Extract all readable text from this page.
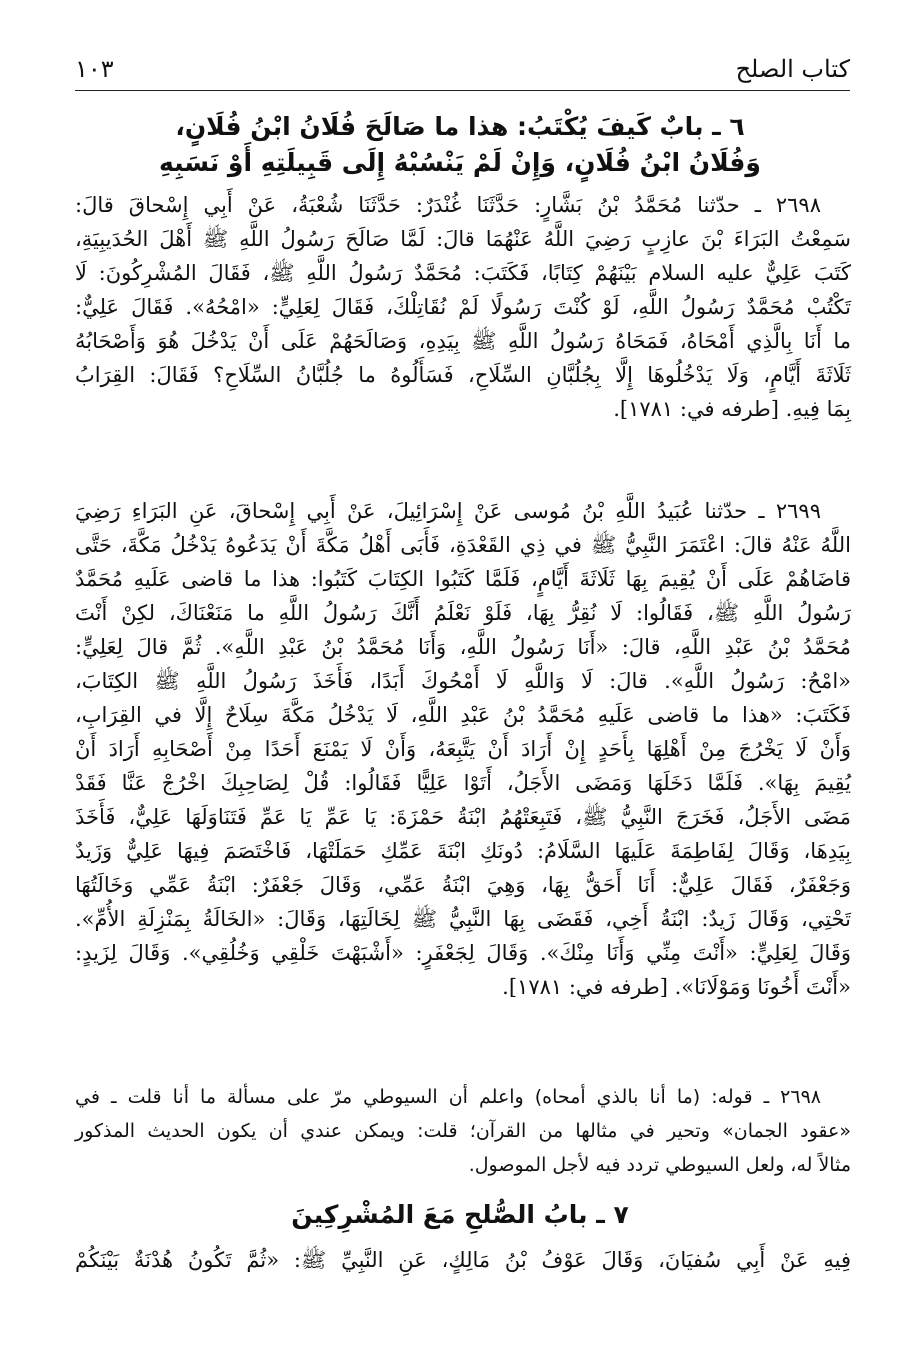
كتاب الصلح
١٠٣
٦ ـ بابٌ كَيفَ يُكْتَبُ: هذا ما صَالَحَ فُلَانُ ابْنُ فُلَانٍ،
وَفُلَانُ ابْنُ فُلَانٍ، وَإِنْ لَمْ يَنْسُبْهُ إِلَى قَبِيلَتِهِ أَوْ نَسَبِهِ
٢٦٩٨ ـ حدّثنا مُحَمَّدُ بْنُ بَشَّارٍ: حَدَّثَنَا غُنْدَرٌ: حَدَّثَنَا شُعْبَةُ، عَنْ أَبِي إِسْحاقَ قالَ:
سَمِعْتُ البَرَاءَ بْنَ عازِبٍ رَضِيَ اللَّهُ عَنْهُمَا قالَ: لَمَّا صَالَحَ رَسُولُ اللَّهِ ﷺ أَهْلَ الحُدَيبِيَةِ،
كَتَبَ عَلِيٌّ عليه السلام بَيْنَهُمْ كِتَابًا، فَكَتَبَ: مُحَمَّدٌ رَسُولُ اللَّهِ ﷺ، فَقَالَ المُشْرِكُونَ: لَا
تَكْتُبْ مُحَمَّدٌ رَسُولُ اللَّهِ، لَوْ كُنْتَ رَسُولًا لَمْ نُقَاتِلْكَ، فَقَالَ لِعَلِيٍّ: «امْحُهُ». فَقَالَ عَلِيٌّ:
ما أَنَا بِالَّذِي أَمْحَاهُ، فَمَحَاهُ رَسُولُ اللَّهِ ﷺ بِيَدِهِ، وَصَالَحَهُمْ عَلَى أَنْ يَدْخُلَ هُوَ وَأَصْحَابُهُ
ثَلَاثَةَ أَيَّامٍ، وَلَا يَدْخُلُوهَا إِلَّا بِجُلُبَّانِ السِّلَاحِ، فَسَأَلُوهُ ما جُلُبَّانُ السِّلَاحِ؟ فَقَالَ: القِرَابُ
بِمَا فِيهِ. [طرفه في: ١٧٨١].
٢٦٩٩ ـ حدّثنا عُبَيدُ اللَّهِ بْنُ مُوسى عَنْ إِسْرَائِيلَ، عَنْ أَبِي إِسْحاقَ، عَنِ البَرَاءِ رَضِيَ
اللَّهُ عَنْهُ قالَ: اعْتَمَرَ النَّبِيُّ ﷺ في ذِي القَعْدَةِ، فَأَبَى أَهْلُ مَكَّةَ أَنْ يَدَعُوهُ يَدْخُلُ مَكَّةَ، حَتَّى
قاضَاهُمْ عَلَى أَنْ يُقِيمَ بِهَا ثَلَاثَةَ أَيَّامٍ، فَلَمَّا كَتَبُوا الكِتَابَ كَتَبُوا: هذا ما قاضى عَلَيهِ مُحَمَّدٌ
رَسُولُ اللَّهِ ﷺ، فَقَالُوا: لَا نُقِرُّ بِهَا، فَلَوْ نَعْلَمُ أَنَّكَ رَسُولُ اللَّهِ ما مَنَعْنَاكَ، لكِنْ أَنْتَ
مُحَمَّدُ بْنُ عَبْدِ اللَّهِ، قالَ: «أَنَا رَسُولُ اللَّهِ، وَأَنَا مُحَمَّدُ بْنُ عَبْدِ اللَّهِ». ثُمَّ قالَ لِعَلِيٍّ:
«امْحُ: رَسُولُ اللَّهِ». قالَ: لَا وَاللَّهِ لَا أَمْحُوكَ أَبَدًا، فَأَخَذَ رَسُولُ اللَّهِ ﷺ الكِتَابَ،
فَكَتَبَ: «هذا ما قاضى عَلَيهِ مُحَمَّدُ بْنُ عَبْدِ اللَّهِ، لَا يَدْخُلُ مَكَّةَ سِلَاحٌ إِلَّا في القِرَابِ،
وَأَنْ لَا يَخْرُجَ مِنْ أَهْلِهَا بِأَحَدٍ إِنْ أَرَادَ أَنْ يَتَّبِعَهُ، وَأَنْ لَا يَمْنَعَ أَحَدًا مِنْ أَصْحَابِهِ أَرَادَ أَنْ
يُقِيمَ بِهَا». فَلَمَّا دَخَلَهَا وَمَضَى الأَجَلُ، أَتَوْا عَلِيًّا فَقَالُوا: قُلْ لِصَاحِبِكَ اخْرُجْ عَنَّا فَقَدْ
مَضَى الأَجَلُ، فَخَرَجَ النَّبِيُّ ﷺ، فَتَبِعَتْهُمُ ابْنَةُ حَمْزَةَ: يَا عَمِّ يَا عَمِّ فَتَنَاوَلَهَا عَلِيٌّ، فَأَخَذَ
بِيَدِهَا، وَقَالَ لِفَاطِمَةَ عَلَيهَا السَّلَامُ: دُونَكِ ابْنَةَ عَمِّكِ حَمَلَتْهَا، فَاخْتَصَمَ فِيهَا عَلِيٌّ وَزَيدٌ
وَجَعْفَرٌ، فَقَالَ عَلِيٌّ: أَنَا أَحَقُّ بِهَا، وَهِيَ ابْنَةُ عَمِّي، وَقَالَ جَعْفَرٌ: ابْنَةُ عَمِّي وَخَالَتُهَا
تَحْتِي، وَقَالَ زَيدٌ: ابْنَةُ أَخِي، فَقَضَى بِهَا النَّبِيُّ ﷺ لِخَالَتِهَا، وَقَالَ: «الخَالَةُ بِمَنْزِلَةِ الأُمِّ».
وَقَالَ لِعَلِيٍّ: «أَنْتَ مِنِّي وَأَنَا مِنْكَ». وَقَالَ لِجَعْفَرٍ: «أَشْبَهْتَ خَلْقِي وَخُلُقِي». وَقَالَ لِزَيدٍ:
«أَنْتَ أَخُونَا وَمَوْلَانَا». [طرفه في: ١٧٨١].
٢٦٩٨ ـ قوله: (ما أنا بالذي أمحاه) واعلم أن السيوطي مرّ على مسألة ما أنا قلت ـ في
«عقود الجمان» وتحير في مثالها من القرآن؛ قلت: ويمكن عندي أن يكون الحديث المذكور
مثالاً له، ولعل السيوطي تردد فيه لأجل الموصول.
٧ ـ بابُ الصُّلحِ مَعَ المُشْرِكِينَ
فِيهِ عَنْ أَبِي سُفيَانَ، وَقَالَ عَوْفُ بْنُ مَالِكٍ، عَنِ النَّبِيِّ ﷺ: «ثُمَّ تَكُونُ هُدْنَةٌ بَيْنَكُمْ
